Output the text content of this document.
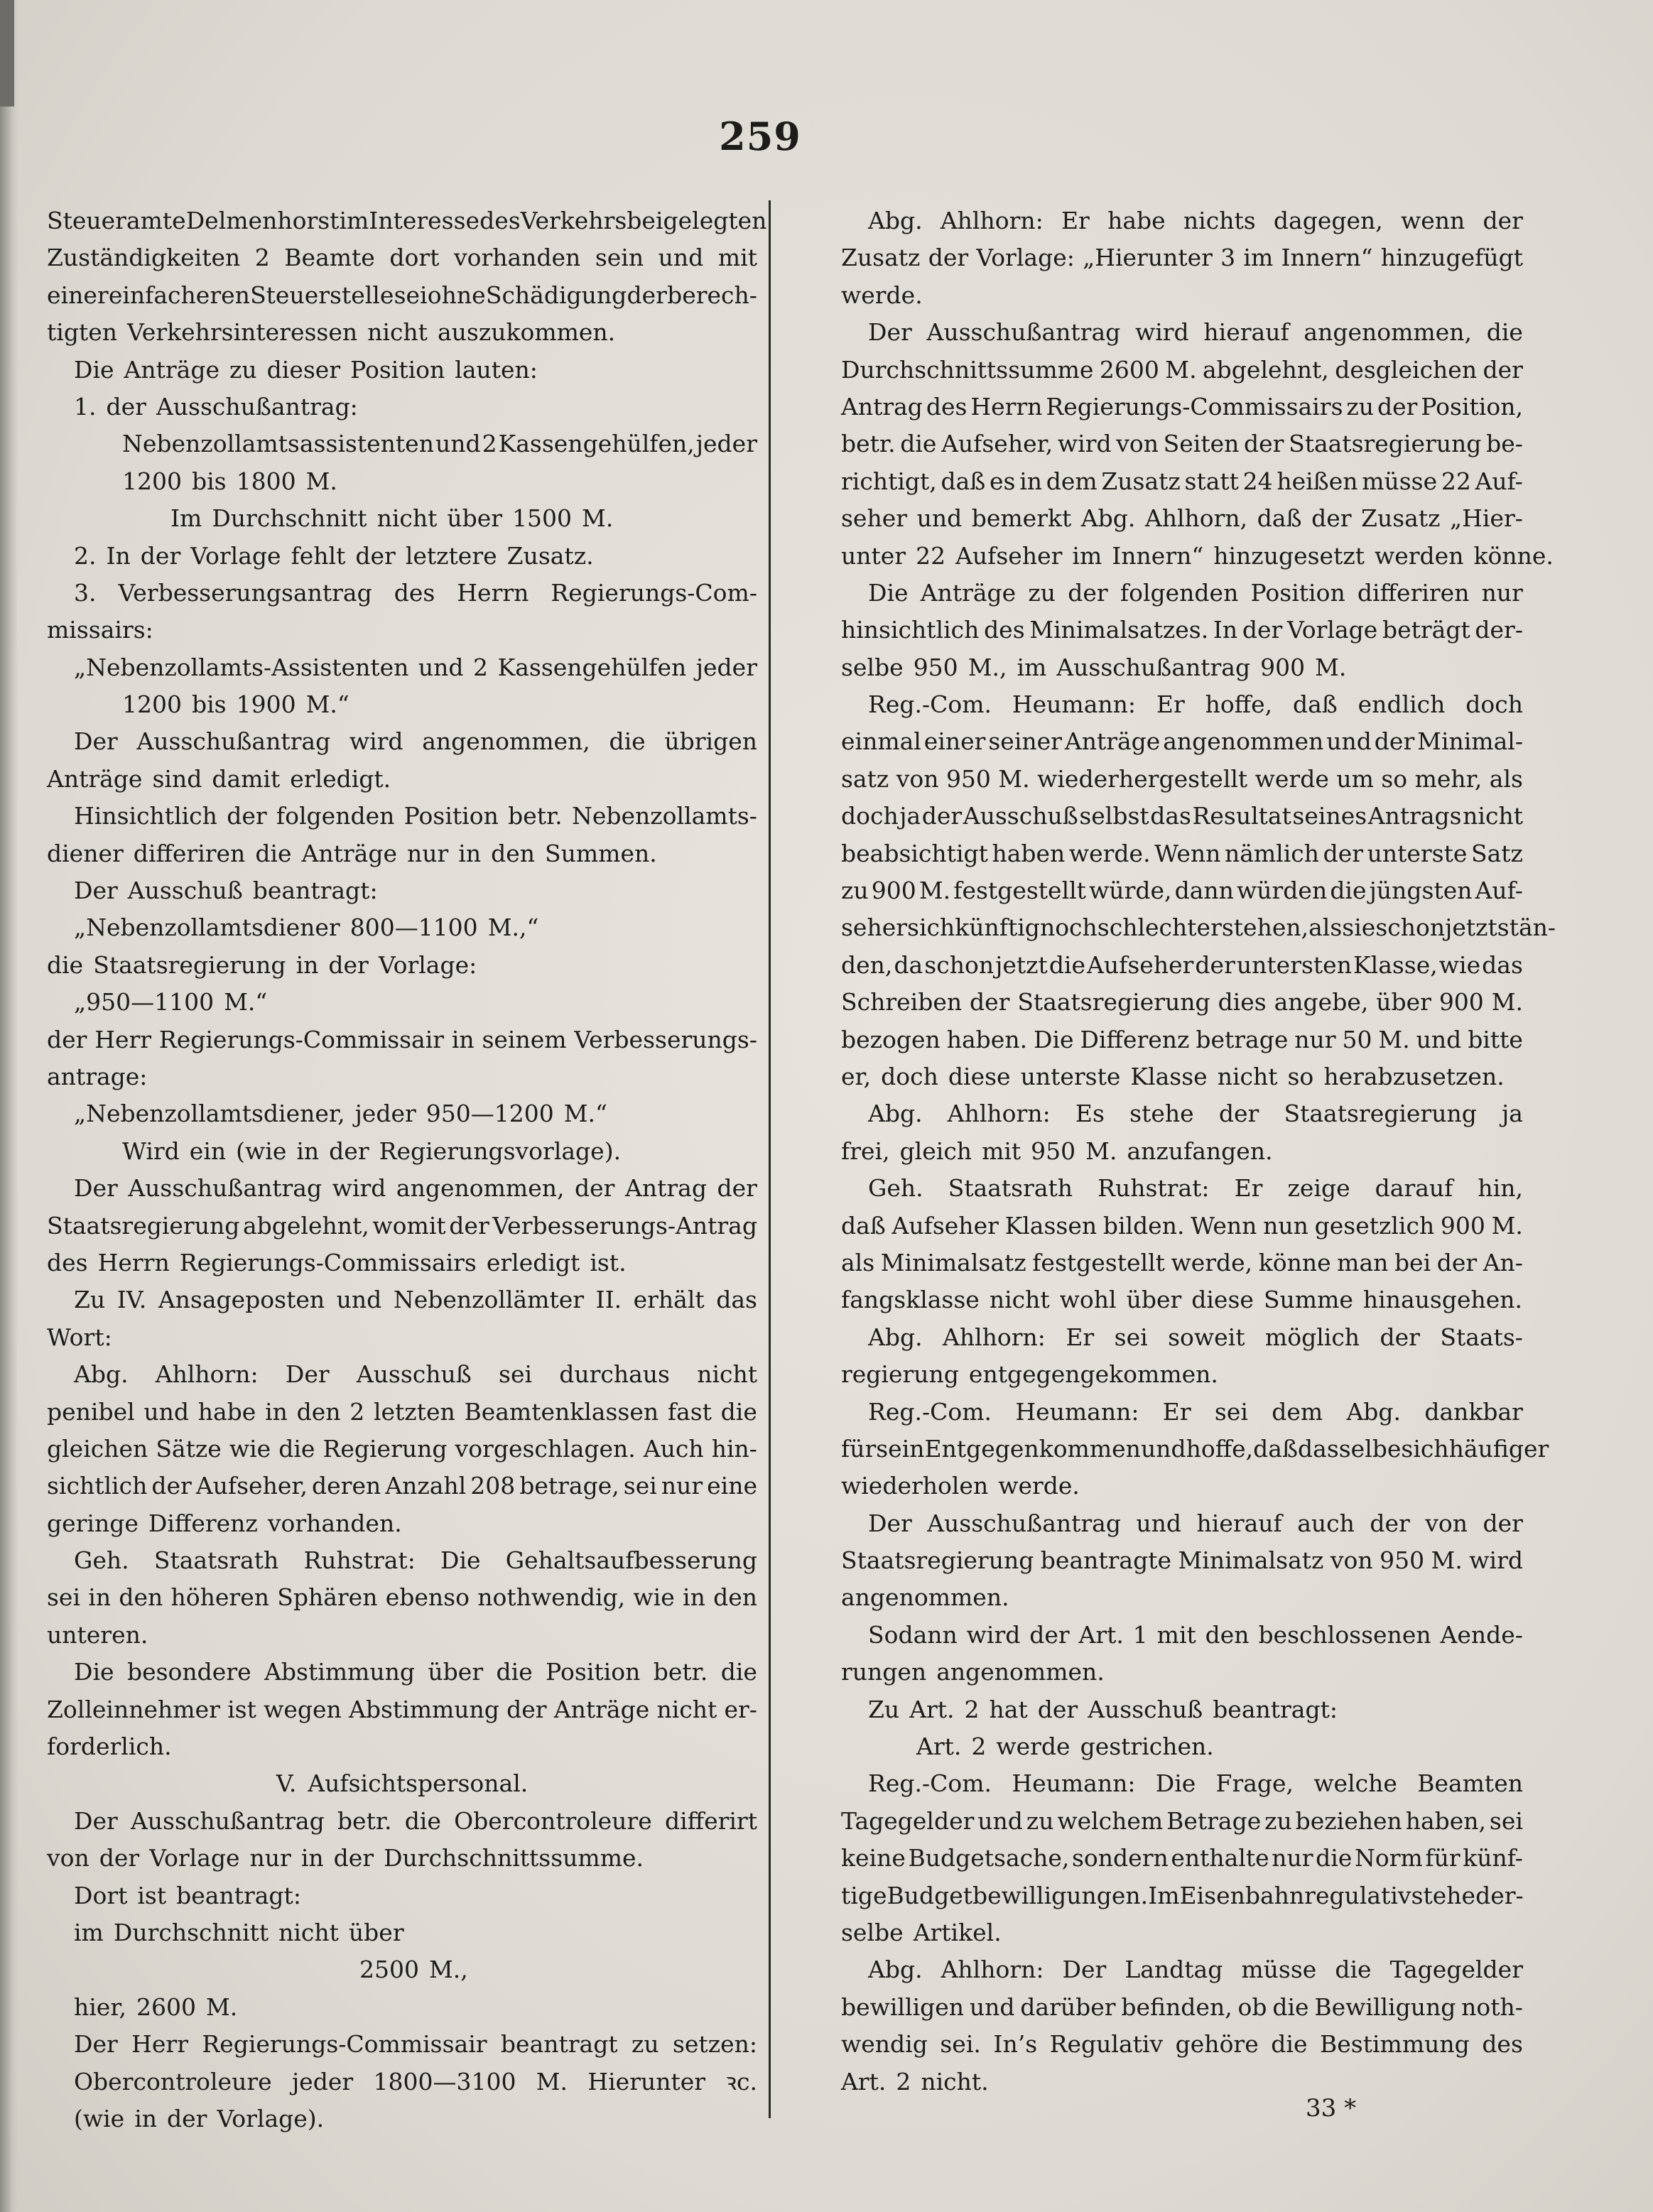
259
Steueramte Delmenhorst im Interesse des Verkehrs beigelegten
Zuständigkeiten 2 Beamte dort vorhanden sein und mit
einer einfacheren Steuerstelle sei ohne Schädigung der berech-
tigten Verkehrsinteressen nicht auszukommen.
Die Anträge zu dieser Position lauten:
1. der Ausschußantrag:
Nebenzollamtsassistenten und 2 Kassengehülfen, jeder
1200 bis 1800 M.
Im Durchschnitt nicht über 1500 M.
2. In der Vorlage fehlt der letztere Zusatz.
3. Verbesserungsantrag des Herrn Regierungs-Com-
missairs:
„Nebenzollamts-Assistenten und 2 Kassengehülfen jeder
1200 bis 1900 M.“
Der Ausschußantrag wird angenommen, die übrigen
Anträge sind damit erledigt.
Hinsichtlich der folgenden Position betr. Nebenzollamts-
diener differiren die Anträge nur in den Summen.
Der Ausschuß beantragt:
„Nebenzollamtsdiener 800—1100 M.,“
die Staatsregierung in der Vorlage:
„950—1100 M.“
der Herr Regierungs-Commissair in seinem Verbesserungs-
antrage:
„Nebenzollamtsdiener, jeder 950—1200 M.“
Wird ein (wie in der Regierungsvorlage).
Der Ausschußantrag wird angenommen, der Antrag der
Staatsregierung abgelehnt, womit der Verbesserungs-Antrag
des Herrn Regierungs-Commissairs erledigt ist.
Zu IV. Ansageposten und Nebenzollämter II. erhält das
Wort:
Abg. Ahlhorn: Der Ausschuß sei durchaus nicht
penibel und habe in den 2 letzten Beamtenklassen fast die
gleichen Sätze wie die Regierung vorgeschlagen. Auch hin-
sichtlich der Aufseher, deren Anzahl 208 betrage, sei nur eine
geringe Differenz vorhanden.
Geh. Staatsrath Ruhstrat: Die Gehaltsaufbesserung
sei in den höheren Sphären ebenso nothwendig, wie in den
unteren.
Die besondere Abstimmung über die Position betr. die
Zolleinnehmer ist wegen Abstimmung der Anträge nicht er-
forderlich.
V. Aufsichtspersonal.
Der Ausschußantrag betr. die Obercontroleure differirt
von der Vorlage nur in der Durchschnittssumme.
Dort ist beantragt:
im Durchschnitt nicht über
2500 M.,
hier, 2600 M.
Der Herr Regierungs-Commissair beantragt zu setzen:
Obercontroleure jeder 1800—3100 M. Hierunter ꝛc.
(wie in der Vorlage).
Abg. Ahlhorn: Er habe nichts dagegen, wenn der
Zusatz der Vorlage: „Hierunter 3 im Innern“ hinzugefügt
werde.
Der Ausschußantrag wird hierauf angenommen, die
Durchschnittssumme 2600 M. abgelehnt, desgleichen der
Antrag des Herrn Regierungs-Commissairs zu der Position,
betr. die Aufseher, wird von Seiten der Staatsregierung be-
richtigt, daß es in dem Zusatz statt 24 heißen müsse 22 Auf-
seher und bemerkt Abg. Ahlhorn, daß der Zusatz „Hier-
unter 22 Aufseher im Innern“ hinzugesetzt werden könne.
Die Anträge zu der folgenden Position differiren nur
hinsichtlich des Minimalsatzes. In der Vorlage beträgt der-
selbe 950 M., im Ausschußantrag 900 M.
Reg.-Com. Heumann: Er hoffe, daß endlich doch
einmal einer seiner Anträge angenommen und der Minimal-
satz von 950 M. wiederhergestellt werde um so mehr, als
doch ja der Ausschuß selbst das Resultat seines Antrags nicht
beabsichtigt haben werde. Wenn nämlich der unterste Satz
zu 900 M. festgestellt würde, dann würden die jüngsten Auf-
seher sich künftig noch schlechter stehen, als sie schon jetzt stän-
den, da schon jetzt die Aufseher der untersten Klasse, wie das
Schreiben der Staatsregierung dies angebe, über 900 M.
bezogen haben. Die Differenz betrage nur 50 M. und bitte
er, doch diese unterste Klasse nicht so herabzusetzen.
Abg. Ahlhorn: Es stehe der Staatsregierung ja
frei, gleich mit 950 M. anzufangen.
Geh. Staatsrath Ruhstrat: Er zeige darauf hin,
daß Aufseher Klassen bilden. Wenn nun gesetzlich 900 M.
als Minimalsatz festgestellt werde, könne man bei der An-
fangsklasse nicht wohl über diese Summe hinausgehen.
Abg. Ahlhorn: Er sei soweit möglich der Staats-
regierung entgegengekommen.
Reg.-Com. Heumann: Er sei dem Abg. dankbar
für sein Entgegenkommen und hoffe, daß dasselbe sich häufiger
wiederholen werde.
Der Ausschußantrag und hierauf auch der von der
Staatsregierung beantragte Minimalsatz von 950 M. wird
angenommen.
Sodann wird der Art. 1 mit den beschlossenen Aende-
rungen angenommen.
Zu Art. 2 hat der Ausschuß beantragt:
Art. 2 werde gestrichen.
Reg.-Com. Heumann: Die Frage, welche Beamten
Tagegelder und zu welchem Betrage zu beziehen haben, sei
keine Budgetsache, sondern enthalte nur die Norm für künf-
tige Budgetbewilligungen. Im Eisenbahnregulativ stehe der-
selbe Artikel.
Abg. Ahlhorn: Der Landtag müsse die Tagegelder
bewilligen und darüber befinden, ob die Bewilligung noth-
wendig sei. In’s Regulativ gehöre die Bestimmung des
Art. 2 nicht.
33 *
